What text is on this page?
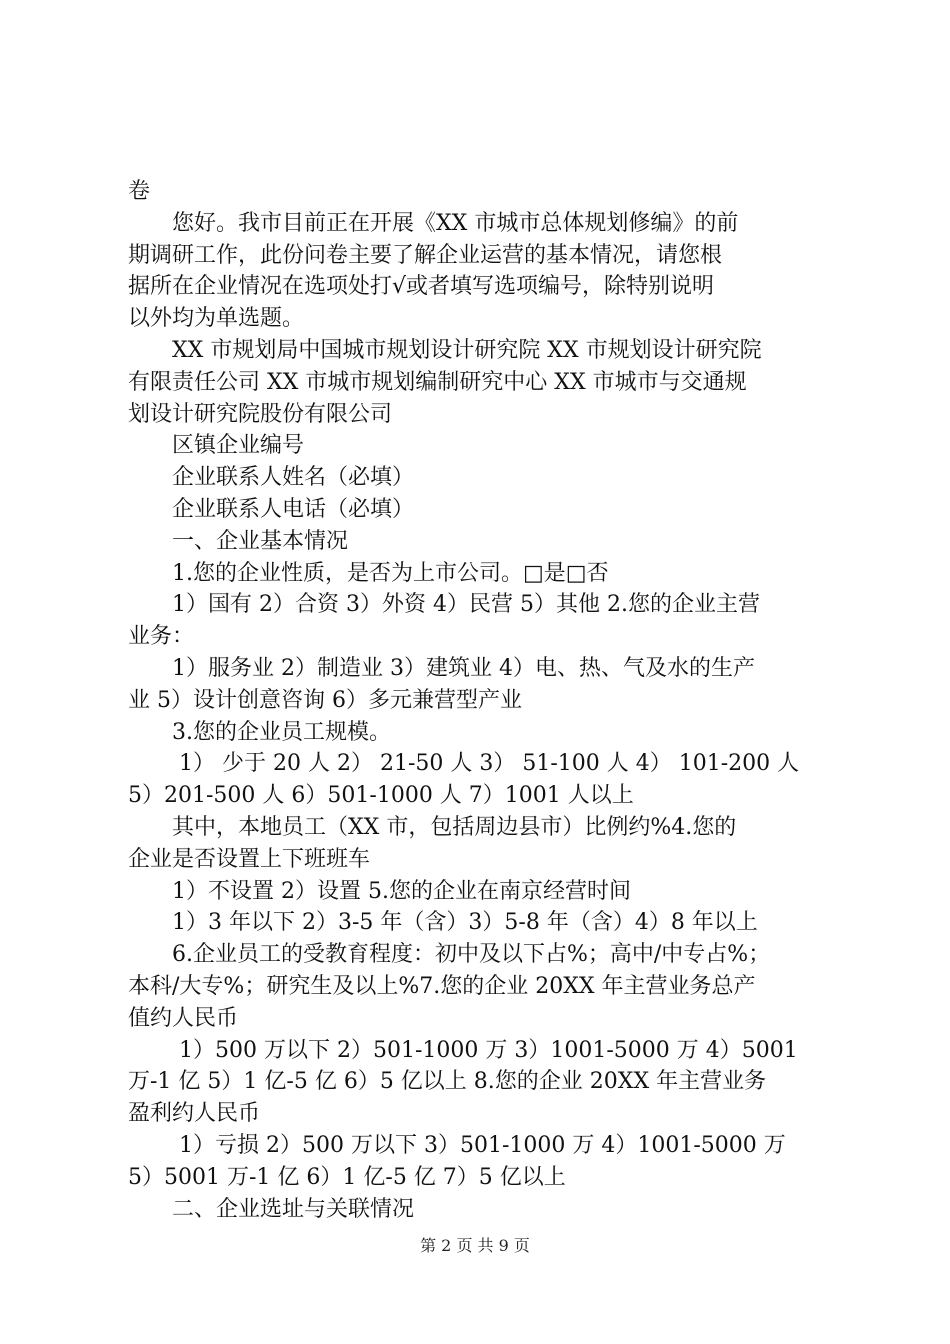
卷
　　您好。我市目前正在开展《XX 市城市总体规划修编》的前
期调研工作，此份问卷主要了解企业运营的基本情况，请您根
据所在企业情况在选项处打√或者填写选项编号，除特别说明
以外均为单选题。
　　XX 市规划局中国城市规划设计研究院 XX 市规划设计研究院
有限责任公司 XX 市城市规划编制研究中心 XX 市城市与交通规
划设计研究院股份有限公司
　　区镇企业编号
　　企业联系人姓名（必填）
　　企业联系人电话（必填）
　　一、企业基本情况
　　1.您的企业性质，是否为上市公司。□是□否
　　1）国有 2）合资 3）外资 4）民营 5）其他 2.您的企业主营
业务：
　　1）服务业 2）制造业 3）建筑业 4）电、热、气及水的生产
业 5）设计创意咨询 6）多元兼营型产业
　　3.您的企业员工规模。
　　 1） 少于 20 人 2） 21-50 人 3） 51-100 人 4） 101-200 人
5）201-500 人 6）501-1000 人 7）1001 人以上
　　其中，本地员工（XX 市，包括周边县市）比例约%4.您的
企业是否设置上下班班车
　　1）不设置 2）设置 5.您的企业在南京经营时间
　　1）3 年以下 2）3-5 年（含）3）5-8 年（含）4）8 年以上
　　6.企业员工的受教育程度：初中及以下占%；高中/中专占%；
本科/大专%；研究生及以上%7.您的企业 20XX 年主营业务总产
值约人民币
　　 1）500 万以下 2）501-1000 万 3）1001-5000 万 4）5001
万-1 亿 5）1 亿-5 亿 6）5 亿以上 8.您的企业 20XX 年主营业务
盈利约人民币
　　 1）亏损 2）500 万以下 3）501-1000 万 4）1001-5000 万
5）5001 万-1 亿 6）1 亿-5 亿 7）5 亿以上
　　二、企业选址与关联情况
第 2 页 共 9 页
